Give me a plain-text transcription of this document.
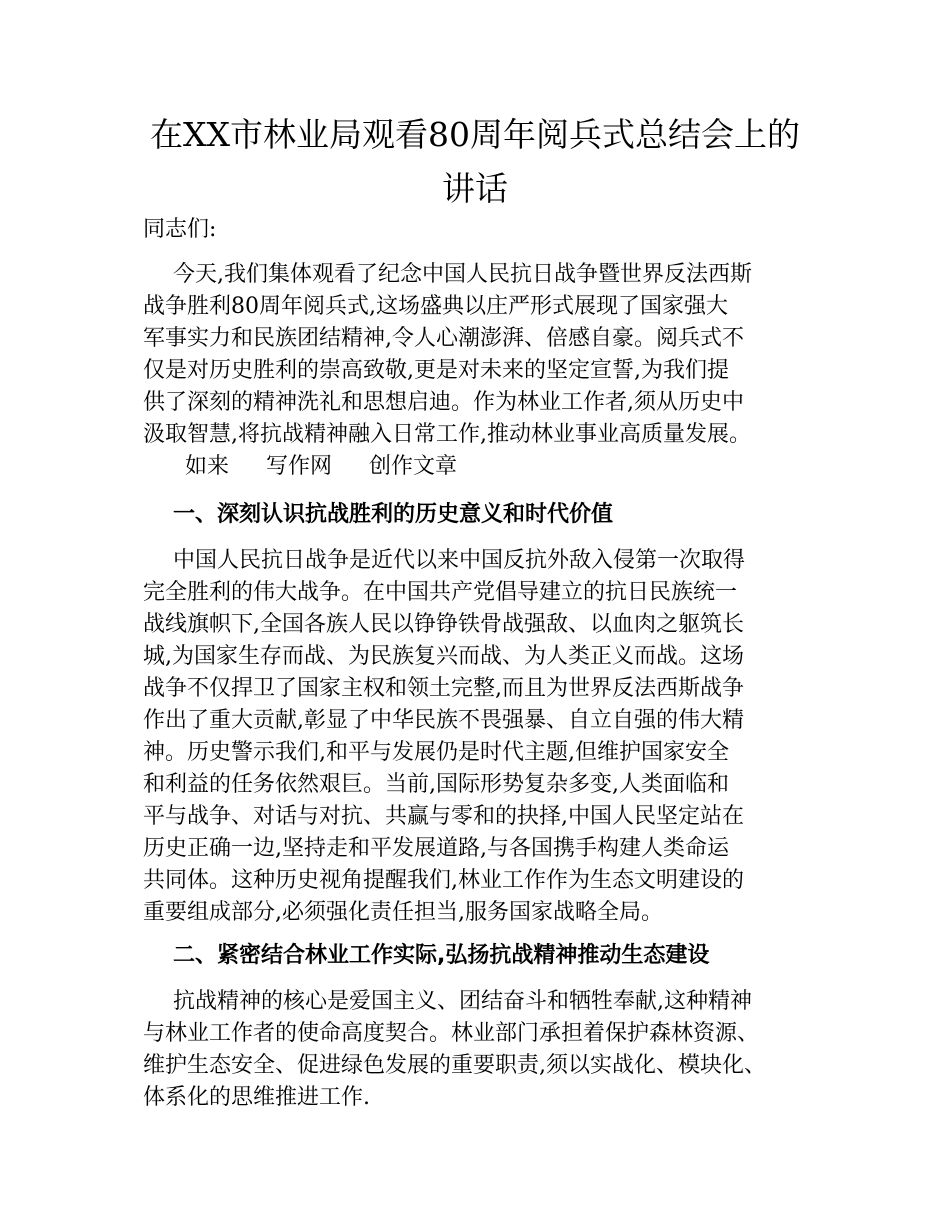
在XX市林业局观看80周年阅兵式总结会上的
讲话
同志们:
今天,我们集体观看了纪念中国人民抗日战争暨世界反法西斯
战争胜利80周年阅兵式,这场盛典以庄严形式展现了国家强大
军事实力和民族团结精神,令人心潮澎湃、倍感自豪。阅兵式不
仅是对历史胜利的崇高致敬,更是对未来的坚定宣誓,为我们提
供了深刻的精神洗礼和思想启迪。作为林业工作者,须从历史中
汲取智慧,将抗战精神融入日常工作,推动林业事业高质量发展。
如来 写作网 创作文章
一、深刻认识抗战胜利的历史意义和时代价值
中国人民抗日战争是近代以来中国反抗外敌入侵第一次取得
完全胜利的伟大战争。在中国共产党倡导建立的抗日民族统一
战线旗帜下,全国各族人民以铮铮铁骨战强敌、以血肉之躯筑长
城,为国家生存而战、为民族复兴而战、为人类正义而战。这场
战争不仅捍卫了国家主权和领土完整,而且为世界反法西斯战争
作出了重大贡献,彰显了中华民族不畏强暴、自立自强的伟大精
神。历史警示我们,和平与发展仍是时代主题,但维护国家安全
和利益的任务依然艰巨。当前,国际形势复杂多变,人类面临和
平与战争、对话与对抗、共赢与零和的抉择,中国人民坚定站在
历史正确一边,坚持走和平发展道路,与各国携手构建人类命运
共同体。这种历史视角提醒我们,林业工作作为生态文明建设的
重要组成部分,必须强化责任担当,服务国家战略全局。
二、紧密结合林业工作实际,弘扬抗战精神推动生态建设
抗战精神的核心是爱国主义、团结奋斗和牺牲奉献,这种精神
与林业工作者的使命高度契合。林业部门承担着保护森林资源、
维护生态安全、促进绿色发展的重要职责,须以实战化、模块化、
体系化的思维推进工作.
